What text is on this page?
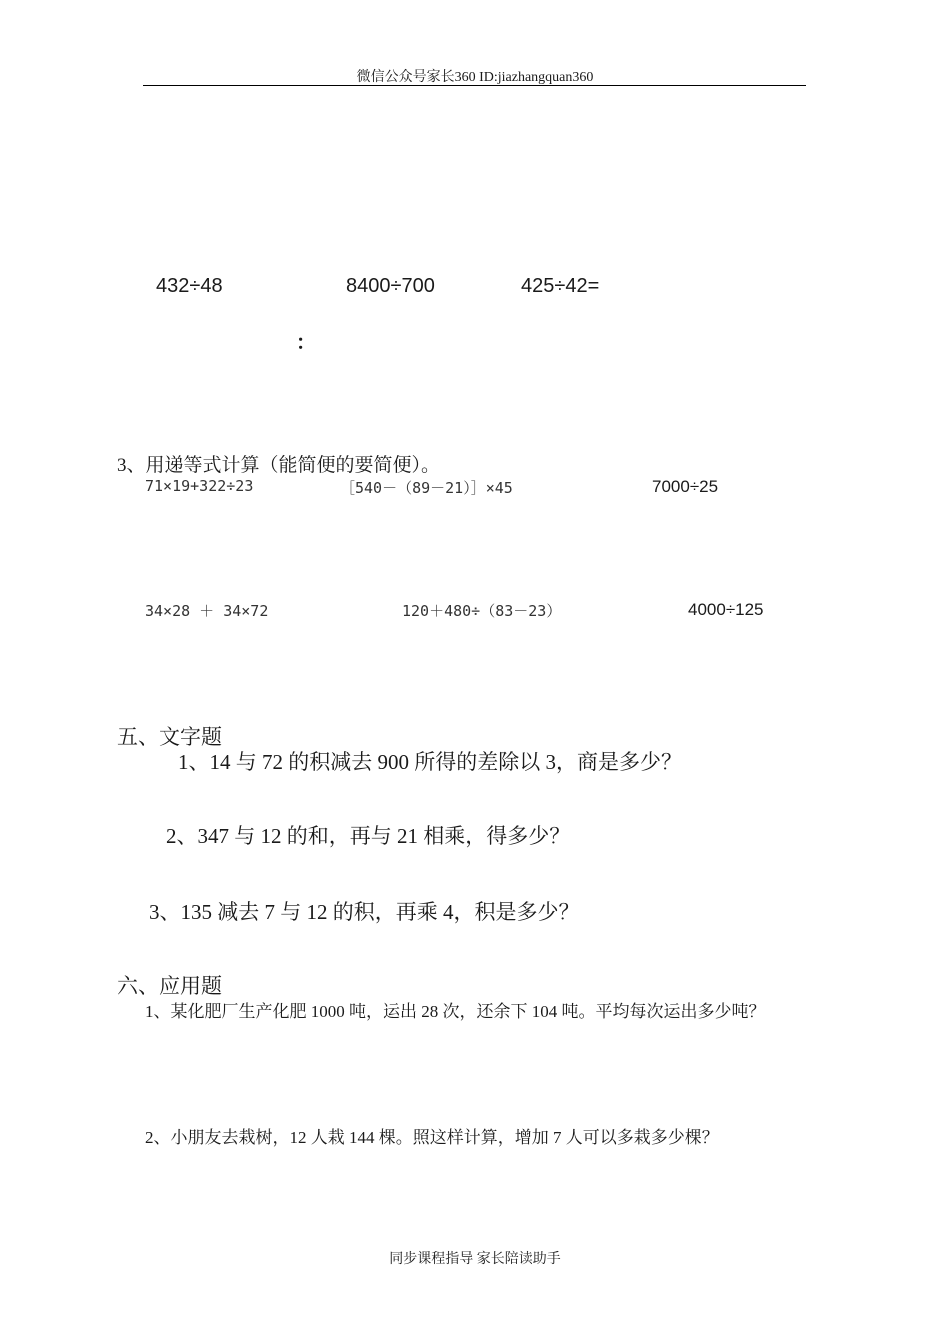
微信公众号家长360 ID:jiazhangquan360
432÷48	8400÷700	425÷42=
：
3、用递等式计算（能简便的要简便）。
71×19+322÷23	［540－（89－21）］×45	7000÷25
34×28 ＋ 34×72	120＋480÷（83－23）	4000÷125
五、文字题
1、14 与 72 的积减去 900 所得的差除以 3，商是多少？
2、347 与 12 的和，再与 21 相乘，得多少？
3、135 减去 7 与 12 的积，再乘 4，积是多少？
六、应用题
1、某化肥厂生产化肥 1000 吨，运出 28 次，还余下 104 吨。平均每次运出多少吨？
2、小朋友去栽树，12 人栽 144 棵。照这样计算，增加 7 人可以多栽多少棵？
同步课程指导 家长陪读助手
